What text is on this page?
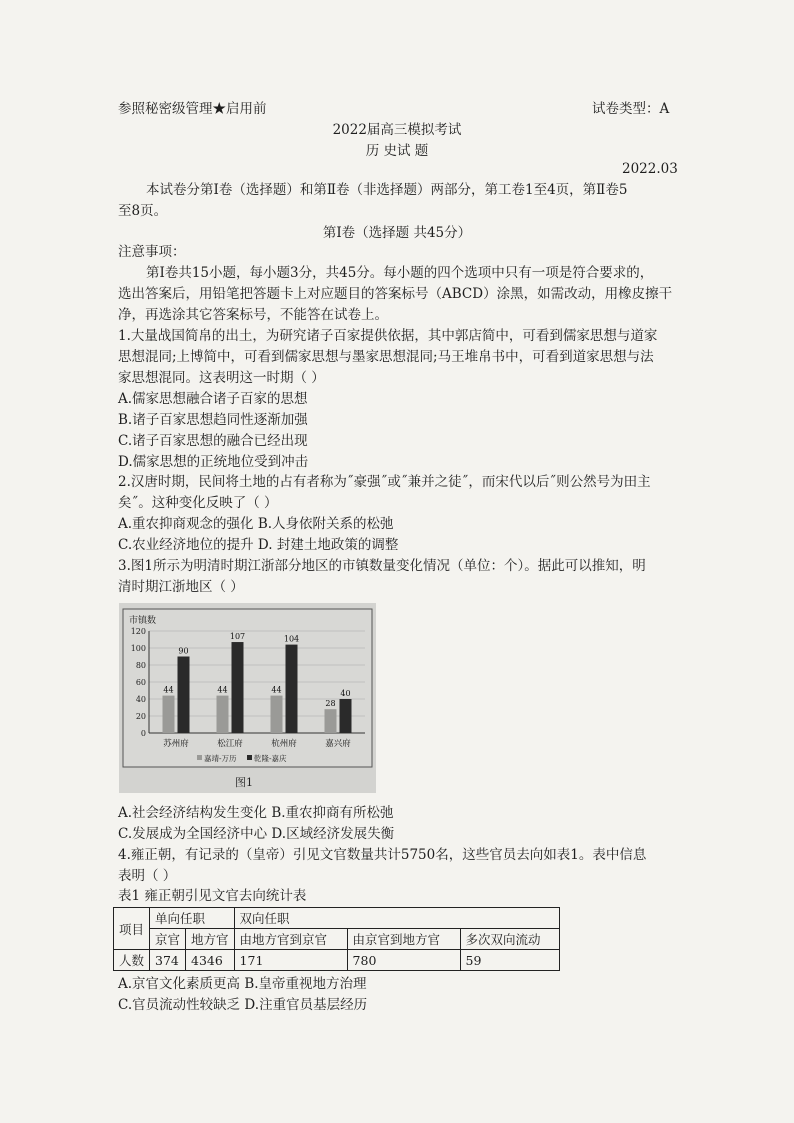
参照秘密级管理★启用前	试卷类型：A
2022届高三模拟考试
历 史试 题
2022.03
本试卷分第Ⅰ卷（选择题）和第Ⅱ卷（非选择题）两部分，第工卷1至4页，第Ⅱ卷5
至8页。
第Ⅰ卷（选择题 共45分）
注意事项：
第Ⅰ卷共15小题，每小题3分，共45分。每小题的四个选项中只有一项是符合要求的，
选出答案后，用铅笔把答题卡上对应题目的答案标号（ABCD）涂黑，如需改动，用橡皮擦干
净，再选涂其它答案标号，不能答在试卷上。
1.大量战国简帛的出土，为研究诸子百家提供依据，其中郭店简中，可看到儒家思想与道家
思想混同;上博简中，可看到儒家思想与墨家思想混同;马王堆帛书中，可看到道家思想与法
家思想混同。这表明这一时期（ ）
A.儒家思想融合诸子百家的思想
B.诸子百家思想趋同性逐渐加强
C.诸子百家思想的融合已经出现
D.儒家思想的正统地位受到冲击
2.汉唐时期，民间将土地的占有者称为˝豪强˝或˝兼并之徒˝，而宋代以后˝则公然号为田主
矣˝。这种变化反映了（ ）
A.重农抑商观念的强化 B.人身依附关系的松弛
C.农业经济地位的提升 D. 封建土地政策的调整
3.图1所示为明清时期江浙部分地区的市镇数量变化情况（单位：个）。据此可以推知，明
清时期江浙地区（ ）
市镇数
0
20
40
60
80
100
120
44
90
苏州府
44
107
松江府
44
104
杭州府
28
40
嘉兴府
嘉靖-万历 乾隆-嘉庆
图1
A.社会经济结构发生变化 B.重农抑商有所松弛
C.发展成为全国经济中心 D.区域经济发展失衡
4.雍正朝，有记录的（皇帝）引见文官数量共计5750名，这些官员去向如表1。表中信息
表明（ ）
表1 雍正朝引见文官去向统计表
项目	单向任职		双向任职		
	京官	地方官	由地方官到京官	由京官到地方官	多次双向流动
人数	374	4346	171	780	59
A.京官文化素质更高 B.皇帝重视地方治理
C.官员流动性较缺乏 D.注重官员基层经历
